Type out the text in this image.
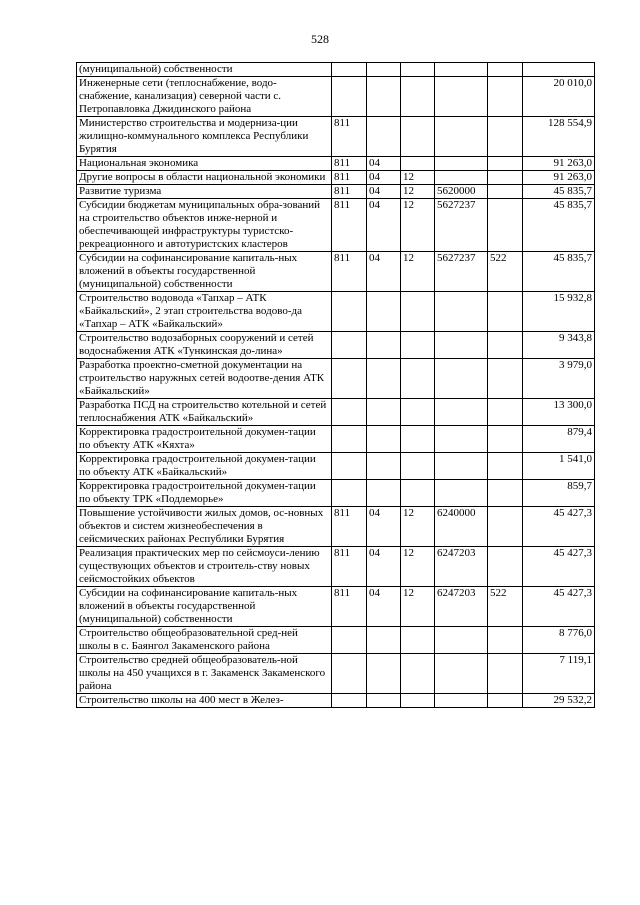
528
(муниципальной) собственности						
Инженерные сети (теплоснабжение, водо-снабжение, канализация) северной части с. Петропавловка Джидинского района						20 010,0
Министерство строительства и модерниза-ции жилищно-коммунального комплекса Республики Бурятия	811					128 554,9
Национальная экономика	811	04				91 263,0
Другие вопросы в области национальной экономики	811	04	12			91 263,0
Развитие туризма	811	04	12	5620000		45 835,7
Субсидии бюджетам муниципальных обра-зований на строительство объектов инже-нерной и обеспечивающей инфраструктуры туристско-рекреационного и автотуристских кластеров	811	04	12	5627237		45 835,7
Субсидии на софинансирование капиталь-ных вложений в объекты государственной (муниципальной) собственности	811	04	12	5627237	522	45 835,7
Строительство водовода «Тапхар – АТК «Байкальский», 2 этап строительства водово-да «Тапхар – АТК «Байкальский»						15 932,8
Строительство водозаборных сооружений и сетей водоснабжения АТК «Тункинская до-лина»						9 343,8
Разработка проектно-сметной документации на строительство наружных сетей водоотве-дения АТК «Байкальский»						3 979,0
Разработка ПСД на строительство котельной и сетей теплоснабжения АТК «Байкальский»						13 300,0
Корректировка градостроительной докумен-тации по объекту АТК «Кяхта»						879,4
Корректировка градостроительной докумен-тации по объекту АТК «Байкальский»						1 541,0
Корректировка градостроительной докумен-тации по объекту ТРК «Подлеморье»						859,7
Повышение устойчивости жилых домов, ос-новных объектов и систем жизнеобеспечения в сейсмических районах Республики Бурятия	811	04	12	6240000		45 427,3
Реализация практических мер по сейсмоуси-лению существующих объектов и строитель-ству новых сейсмостойких объектов	811	04	12	6247203		45 427,3
Субсидии на софинансирование капиталь-ных вложений в объекты государственной (муниципальной) собственности	811	04	12	6247203	522	45 427,3
Строительство общеобразовательной сред-ней школы в с. Баянгол Закаменского района						8 776,0
Строительство средней общеобразователь-ной школы на 450 учащихся в г. Закаменск Закаменского района						7 119,1
Строительство школы на 400 мест в Желез-						29 532,2
